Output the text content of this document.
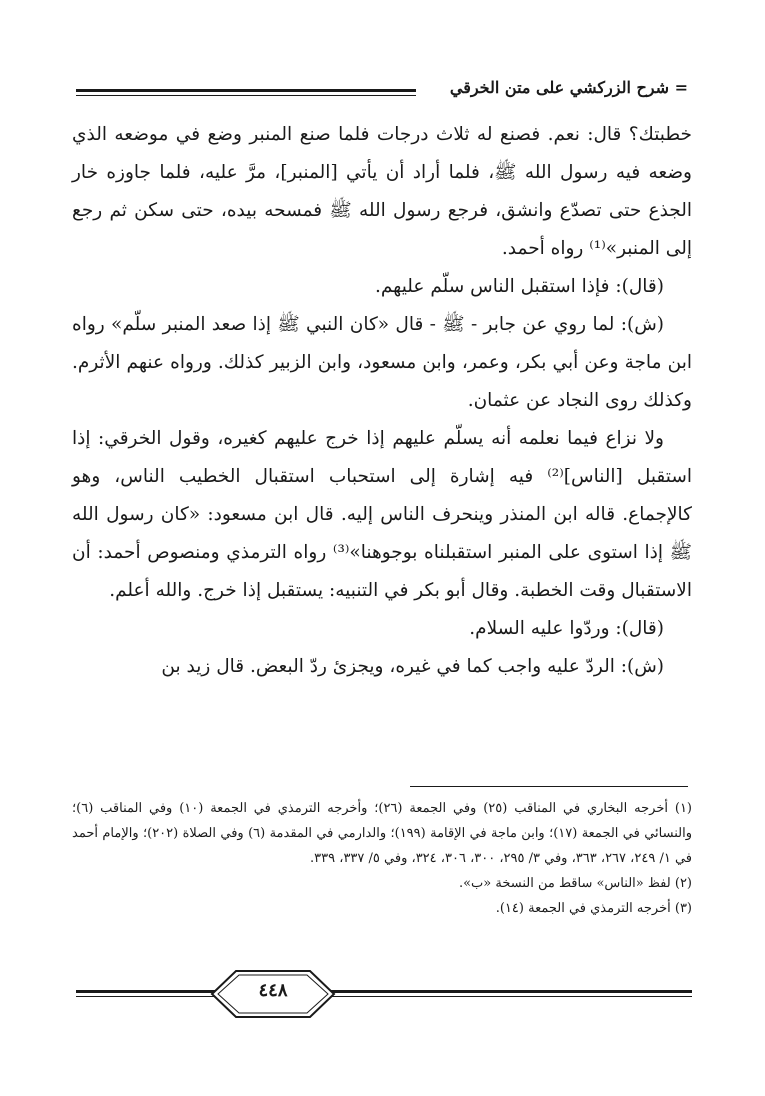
= شرح الزركشي على متن الخرقي

خطبتك؟ قال: نعم. فصنع له ثلاث درجات فلما صنع المنبر وضع في موضعه الذي وضعه فيه رسول الله ﷺ، فلما أراد أن يأتي [المنبر]، مرَّ عليه، فلما جاوزه خار الجذع حتى تصدّع وانشق، فرجع رسول الله ﷺ فمسحه بيده، حتى سكن ثم رجع إلى المنبر»⁽¹⁾ رواه أحمد.

(قال): فإذا استقبل الناس سلّم عليهم.

(ش): لما روي عن جابر - ﷺ - قال «كان النبي ﷺ إذا صعد المنبر سلّم» رواه ابن ماجة وعن أبي بكر، وعمر، وابن مسعود، وابن الزبير كذلك. ورواه عنهم الأثرم. وكذلك روى النجاد عن عثمان.

ولا نزاع فيما نعلمه أنه يسلّم عليهم إذا خرج عليهم كغيره، وقول الخرقي: إذا استقبل [الناس]⁽²⁾ فيه إشارة إلى استحباب استقبال الخطيب الناس، وهو كالإجماع. قاله ابن المنذر وينحرف الناس إليه. قال ابن مسعود: «كان رسول الله ﷺ إذا استوى على المنبر استقبلناه بوجوهنا»⁽³⁾ رواه الترمذي ومنصوص أحمد: أن الاستقبال وقت الخطبة. وقال أبو بكر في التنبيه: يستقبل إذا خرج. والله أعلم.

(قال): وردّوا عليه السلام.

(ش): الردّ عليه واجب كما في غيره، ويجزئ ردّ البعض. قال زيد بن

(١) أخرجه البخاري في المناقب (٢٥) وفي الجمعة (٢٦)؛ وأخرجه الترمذي في الجمعة (١٠) وفي المناقب (٦)؛ والنسائي في الجمعة (١٧)؛ وابن ماجة في الإقامة (١٩٩)؛ والدارمي في المقدمة (٦) وفي الصلاة (٢٠٢)؛ والإمام أحمد في ١/ ٢٤٩، ٢٦٧، ٣٦٣، وفي ٣/ ٢٩٥، ٣٠٠، ٣٠٦، ٣٢٤، وفي ٥/ ٣٣٧، ٣٣٩.

(٢) لفظ «الناس» ساقط من النسخة «ب».

(٣) أخرجه الترمذي في الجمعة (١٤).

٤٤٨
